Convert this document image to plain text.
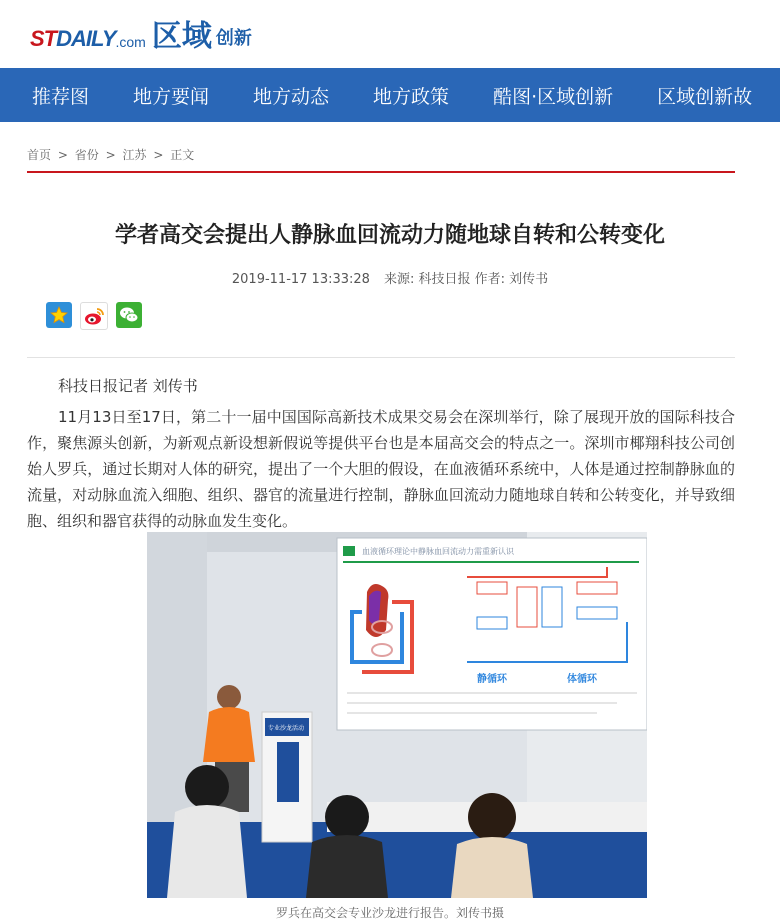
ST DAILY .com 区域 创新
推荐图	地方要闻	地方动态	地方政策	酷图·区域创新	区域创新故
首页 > 省份 > 江苏 > 正文
学者高交会提出人静脉血回流动力随地球自转和公转变化
2019-11-17 13:33:28 来源: 科技日报 作者: 刘传书
科技日报记者 刘传书
11月13日至17日，第二十一届中国国际高新技术成果交易会在深圳举行，除了展现开放的国际科技合作，聚焦源头创新，为新观点新设想新假说等提供平台也是本届高交会的特点之一。深圳市椰翔科技公司创始人罗兵，通过长期对人体的研究，提出了一个大胆的假设，在血液循环系统中，人体是通过控制静脉血的流量，对动脉血流入细胞、组织、器官的流量进行控制，静脉血回流动力随地球自转和公转变化，并导致细胞、组织和器官获得的动脉血发生变化。
血液循环理论中静脉血回流动力需重新认识
静循环	体循环
专业沙龙活动
罗兵在高交会专业沙龙进行报告。刘传书摄
